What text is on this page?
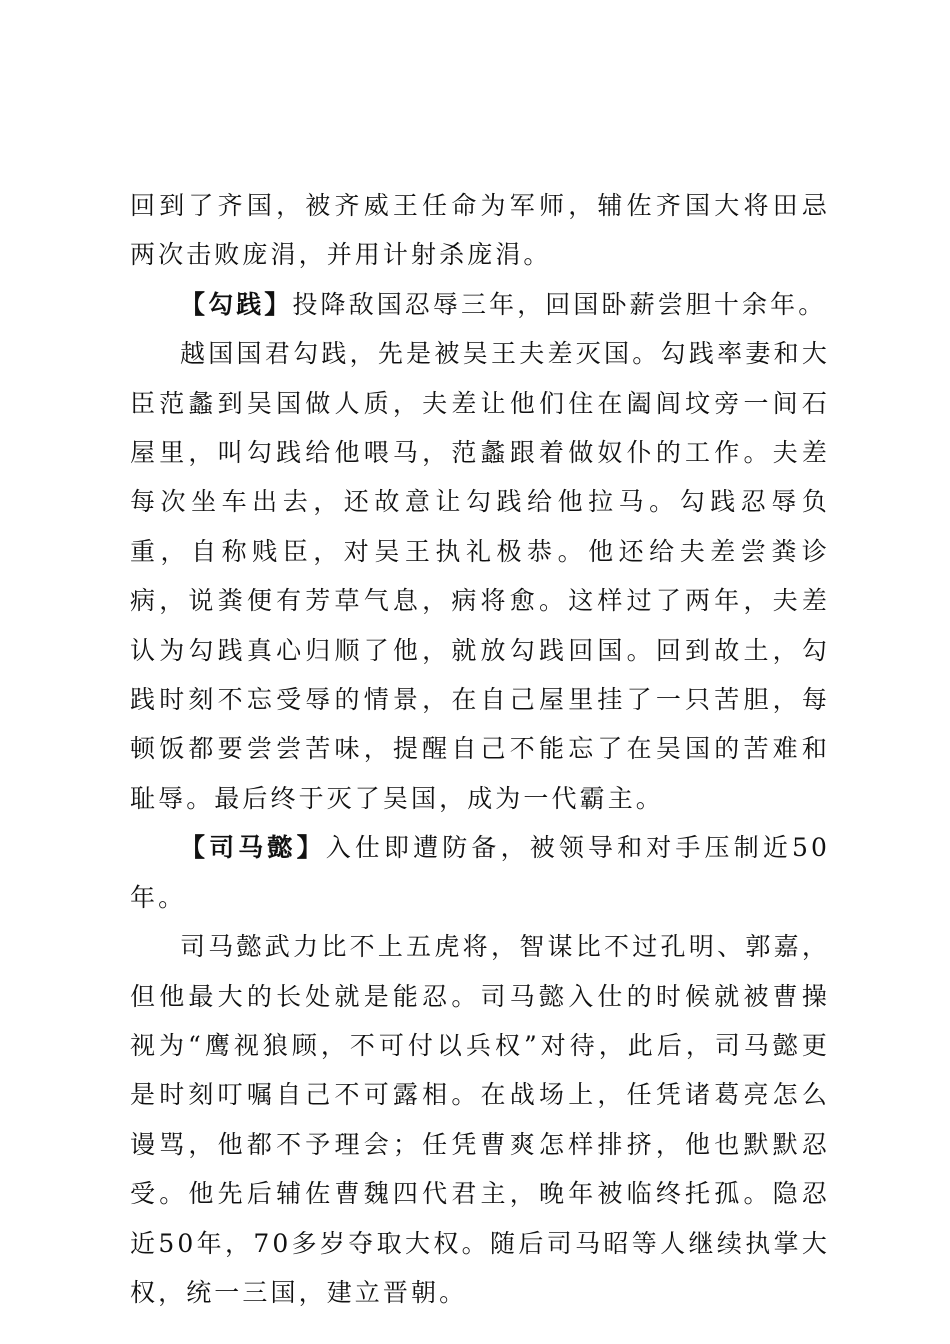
回到了齐国，被齐威王任命为军师，辅佐齐国大将田忌两次击败庞涓，并用计射杀庞涓。

【勾践】投降敌国忍辱三年，回国卧薪尝胆十余年。

越国国君勾践，先是被吴王夫差灭国。勾践率妻和大臣范蠡到吴国做人质，夫差让他们住在阖闾坟旁一间石屋里，叫勾践给他喂马，范蠡跟着做奴仆的工作。夫差每次坐车出去，还故意让勾践给他拉马。勾践忍辱负重，自称贱臣，对吴王执礼极恭。他还给夫差尝粪诊病，说粪便有芳草气息，病将愈。这样过了两年，夫差认为勾践真心归顺了他，就放勾践回国。回到故土，勾践时刻不忘受辱的情景，在自己屋里挂了一只苦胆，每顿饭都要尝尝苦味，提醒自己不能忘了在吴国的苦难和耻辱。最后终于灭了吴国，成为一代霸主。

【司马懿】入仕即遭防备，被领导和对手压制近50年。

司马懿武力比不上五虎将，智谋比不过孔明、郭嘉，但他最大的长处就是能忍。司马懿入仕的时候就被曹操视为“鹰视狼顾，不可付以兵权”对待，此后，司马懿更是时刻叮嘱自己不可露相。在战场上，任凭诸葛亮怎么谩骂，他都不予理会；任凭曹爽怎样排挤，他也默默忍受。他先后辅佐曹魏四代君主，晚年被临终托孤。隐忍近50年，70多岁夺取大权。随后司马昭等人继续执掌大权，统一三国，建立晋朝。
